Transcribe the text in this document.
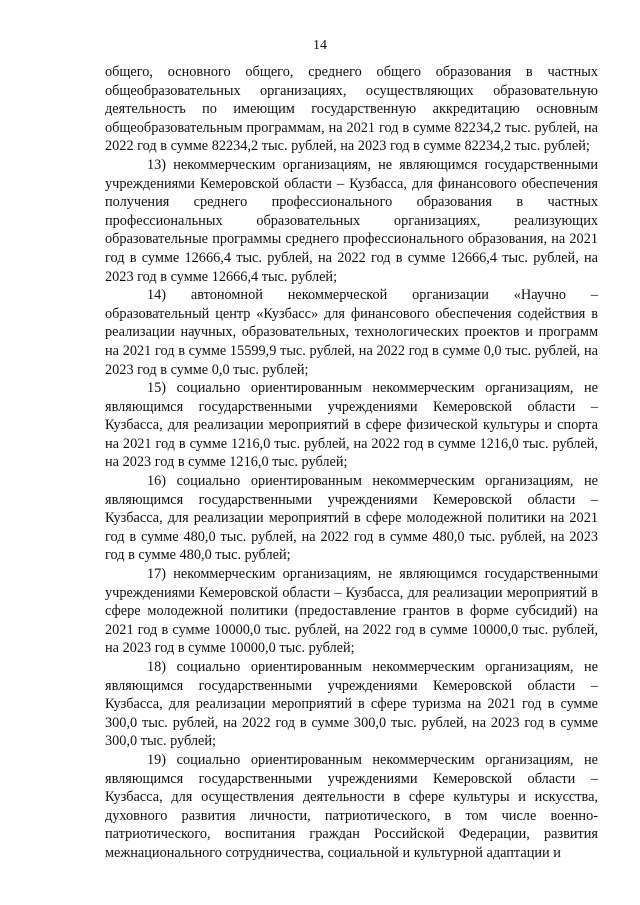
14

общего, основного общего, среднего общего образования в частных общеобразовательных организациях, осуществляющих образовательную деятельность по имеющим государственную аккредитацию основным общеобразовательным программам, на 2021 год в сумме 82234,2 тыс. рублей, на 2022 год в сумме 82234,2 тыс. рублей, на 2023 год в сумме 82234,2 тыс. рублей;

13) некоммерческим организациям, не являющимся государственными учреждениями Кемеровской области – Кузбасса, для финансового обеспечения получения среднего профессионального образования в частных профессиональных образовательных организациях, реализующих образовательные программы среднего профессионального образования, на 2021 год в сумме 12666,4 тыс. рублей, на 2022 год в сумме 12666,4 тыс. рублей, на 2023 год в сумме 12666,4 тыс. рублей;

14) автономной некоммерческой организации «Научно – образовательный центр «Кузбасс» для финансового обеспечения содействия в реализации научных, образовательных, технологических проектов и программ на 2021 год в сумме 15599,9 тыс. рублей, на 2022 год в сумме 0,0 тыс. рублей, на 2023 год в сумме 0,0 тыс. рублей;

15) социально ориентированным некоммерческим организациям, не являющимся государственными учреждениями Кемеровской области – Кузбасса, для реализации мероприятий в сфере физической культуры и спорта на 2021 год в сумме 1216,0 тыс. рублей, на 2022 год в сумме 1216,0 тыс. рублей, на 2023 год в сумме 1216,0 тыс. рублей;

16) социально ориентированным некоммерческим организациям, не являющимся государственными учреждениями Кемеровской области – Кузбасса, для реализации мероприятий в сфере молодежной политики на 2021 год в сумме 480,0 тыс. рублей, на 2022 год в сумме 480,0 тыс. рублей, на 2023 год в сумме 480,0 тыс. рублей;

17) некоммерческим организациям, не являющимся государственными учреждениями Кемеровской области – Кузбасса, для реализации мероприятий в сфере молодежной политики (предоставление грантов в форме субсидий) на 2021 год в сумме 10000,0 тыс. рублей, на 2022 год в сумме 10000,0 тыс. рублей, на 2023 год в сумме 10000,0 тыс. рублей;

18) социально ориентированным некоммерческим организациям, не являющимся государственными учреждениями Кемеровской области – Кузбасса, для реализации мероприятий в сфере туризма на 2021 год в сумме 300,0 тыс. рублей, на 2022 год в сумме 300,0 тыс. рублей, на 2023 год в сумме 300,0 тыс. рублей;

19) социально ориентированным некоммерческим организациям, не являющимся государственными учреждениями Кемеровской области – Кузбасса, для осуществления деятельности в сфере культуры и искусства, духовного развития личности, патриотического, в том числе военно-патриотического, воспитания граждан Российской Федерации, развития межнационального сотрудничества, социальной и культурной адаптации и
